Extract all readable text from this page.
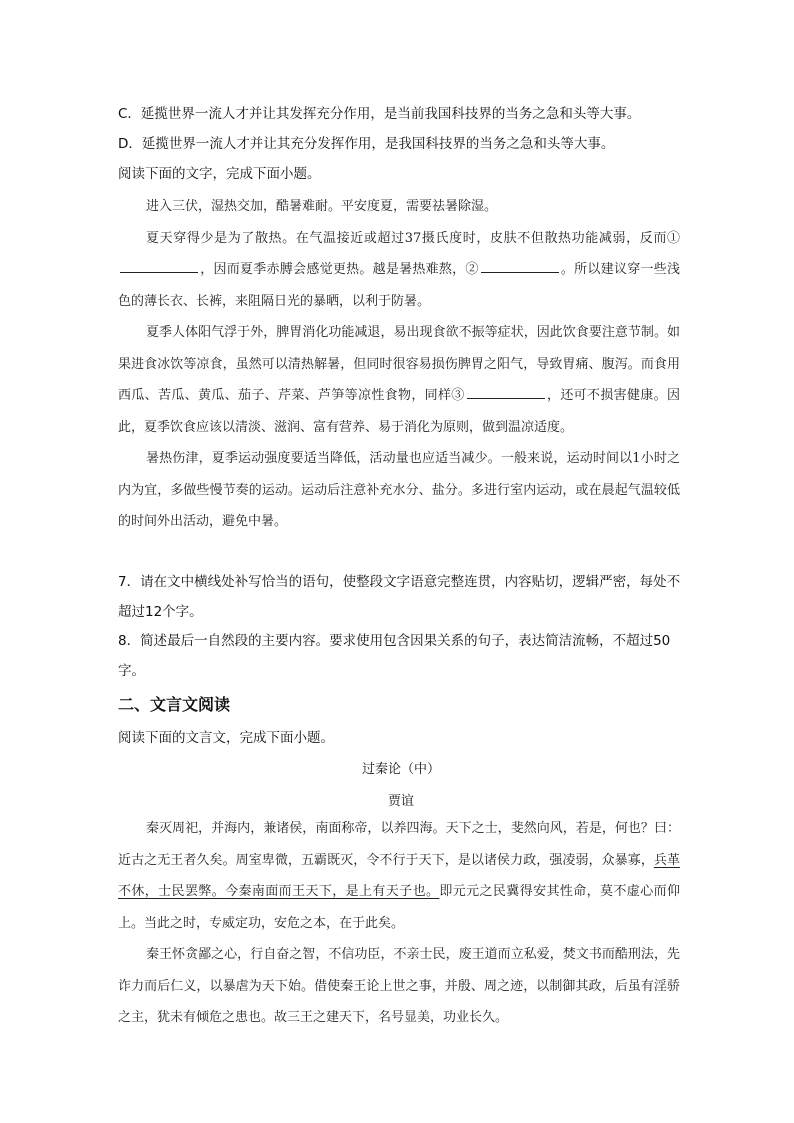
C．延揽世界一流人才并让其发挥充分作用，是当前我国科技界的当务之急和头等大事。
D．延揽世界一流人才并让其充分发挥作用，是我国科技界的当务之急和头等大事。
阅读下面的文字，完成下面小题。

进入三伏，湿热交加，酷暑难耐。平安度夏，需要祛暑除湿。

夏天穿得少是为了散热。在气温接近或超过37摄氏度时，皮肤不但散热功能减弱，反而①，因而夏季赤膊会感觉更热。越是暑热难熬，②	。所以建议穿一些浅色的薄长衣、长裤，来阻隔日光的暴晒，以利于防暑。

夏季人体阳气浮于外，脾胃消化功能减退，易出现食欲不振等症状，因此饮食要注意节制。如果进食冰饮等凉食，虽然可以清热解暑，但同时很容易损伤脾胃之阳气，导致胃痛、腹泻。而食用西瓜、苦瓜、黄瓜、茄子、芹菜、芦笋等凉性食物，同样③	，还可不损害健康。因此，夏季饮食应该以清淡、滋润、富有营养、易于消化为原则，做到温凉适度。

暑热伤津，夏季运动强度要适当降低，活动量也应适当减少。一般来说，运动时间以1小时之内为宜，多做些慢节奏的运动。运动后注意补充水分、盐分。多进行室内运动，或在晨起气温较低的时间外出活动，避免中暑。

7．请在文中横线处补写恰当的语句，使整段文字语意完整连贯，内容贴切，逻辑严密，每处不超过12个字。
8．简述最后一自然段的主要内容。要求使用包含因果关系的句子，表达简洁流畅，不超过50字。
二、文言文阅读
阅读下面的文言文，完成下面小题。
过秦论（中）
贾谊

秦灭周祀，并海内，兼诸侯，南面称帝，以养四海。天下之士，斐然向风，若是，何也？曰：近古之无王者久矣。周室卑微，五霸既灭，令不行于天下，是以诸侯力政，强凌弱，众暴寡，兵革不休，士民罢弊。今秦南面而王天下，是上有天子也。即元元之民冀得安其性命，莫不虚心而仰上。当此之时，专威定功，安危之本，在于此矣。

秦王怀贪鄙之心，行自奋之智，不信功臣，不亲士民，废王道而立私爱，焚文书而酷刑法，先诈力而后仁义，以暴虐为天下始。借使秦王论上世之事，并殷、周之迹，以制御其政，后虽有淫骄之主，犹未有倾危之患也。故三王之建天下，名号显美，功业长久。
